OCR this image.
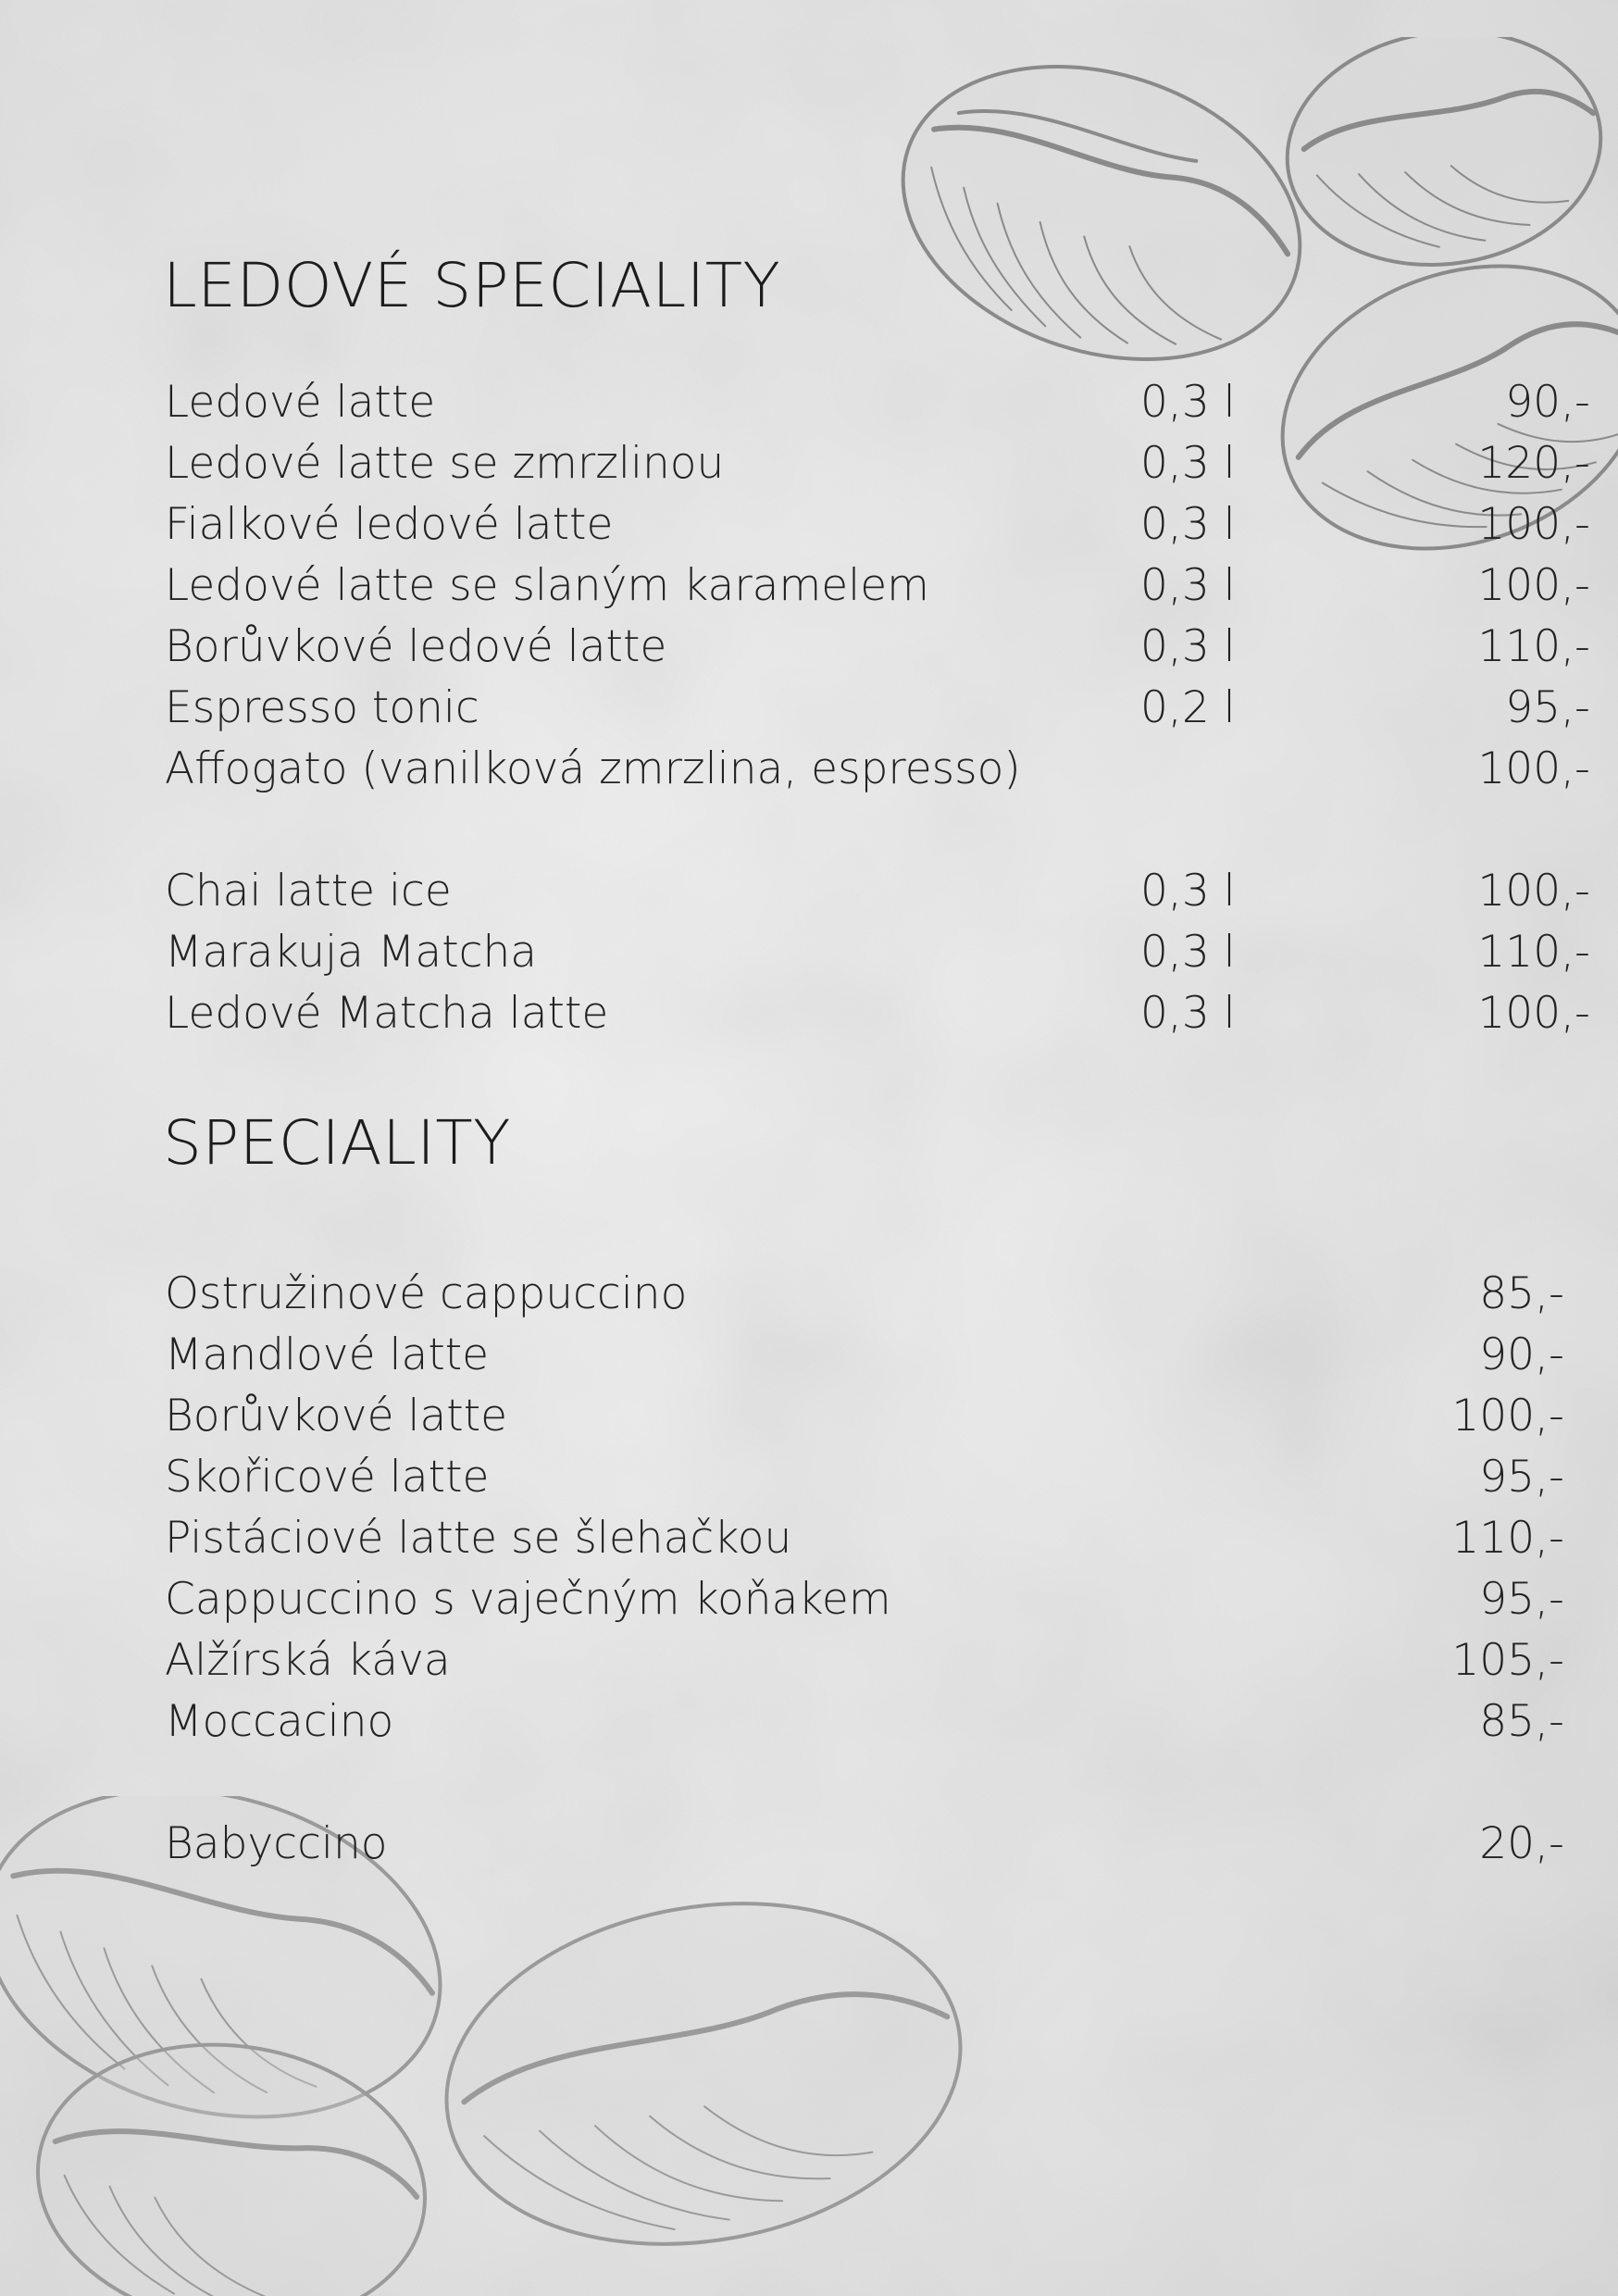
LEDOVÉ SPECIALITY
Ledové latte	0,3 l	90,-
Ledové latte se zmrzlinou	0,3 l	120,-
Fialkové ledové latte	0,3 l	100,-
Ledové latte se slaným karamelem	0,3 l	100,-
Borůvkové ledové latte	0,3 l	110,-
Espresso tonic	0,2 l	95,-
Affogato (vanilková zmrzlina, espresso)	100,-
Chai latte ice	0,3 l	100,-
Marakuja Matcha	0,3 l	110,-
Ledové Matcha latte	0,3 l	100,-
SPECIALITY
Ostružinové cappuccino	85,-
Mandlové latte	90,-
Borůvkové latte	100,-
Skořicové latte	95,-
Pistáciové latte se šlehačkou	110,-
Cappuccino s vaječným koňakem	95,-
Alžírská káva	105,-
Moccacino	85,-
Babyccino	20,-
